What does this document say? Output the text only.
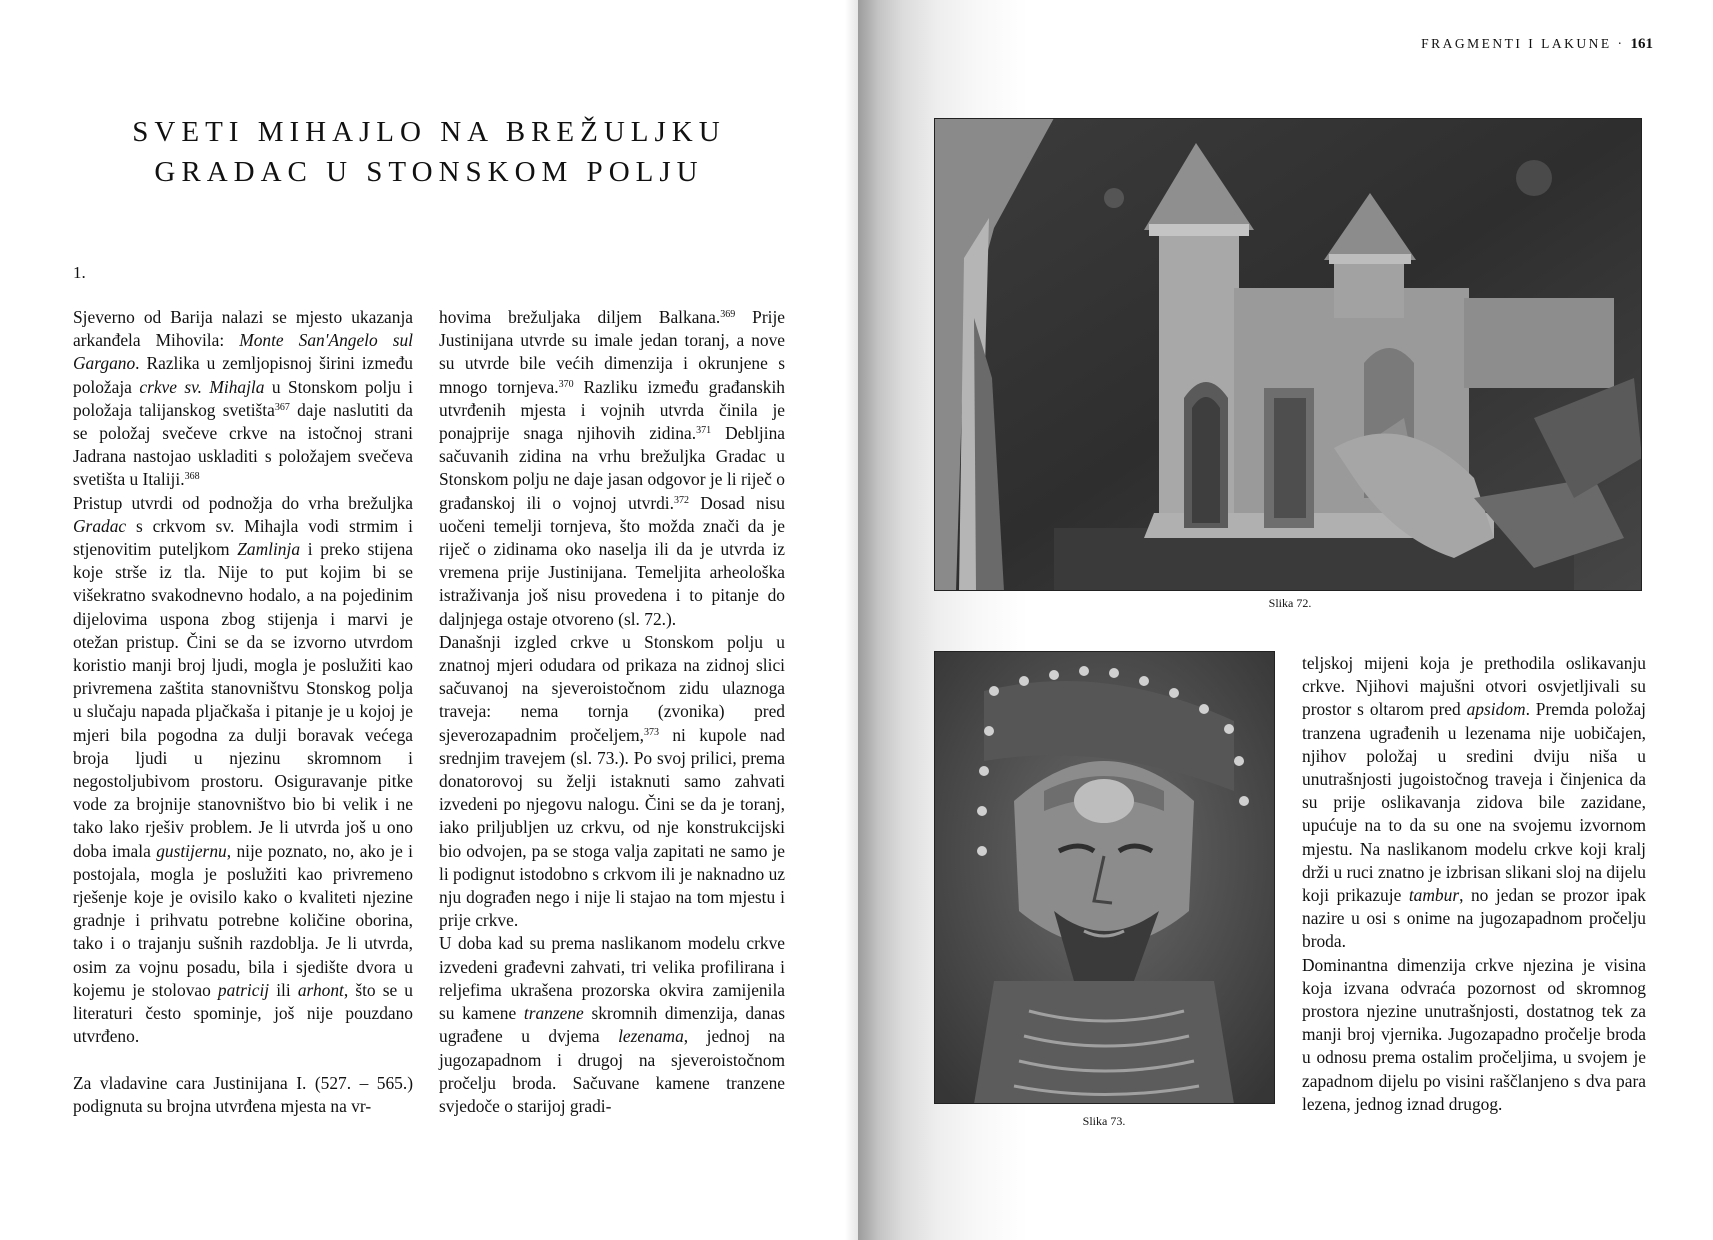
SVETI MIHAJLO NA BREŽULJKU
GRADAC U STONSKOM POLJU

1.

Sjeverno od Barija nalazi se mjesto ukazanja arkanđela Mihovila: Monte San'Angelo sul Gargano. Razlika u zemljopisnoj širini između položaja crkve sv. Mihajla u Stonskom polju i položaja talijanskog svetišta$^{367}$ daje naslutiti da se položaj svečeve crkve na istočnoj strani Jadrana nastojao uskladiti s položajem svečeva svetišta u Italiji.$^{368}$

Pristup utvrdi od podnožja do vrha brežuljka Gradac s crkvom sv. Mihajla vodi strmim i stjenovitim puteljkom Zamlinja i preko stijena koje strše iz tla. Nije to put kojim bi se višekratno svakodnevno hodalo, a na pojedinim dijelovima uspona zbog stijenja i marvi je otežan pristup. Čini se da se izvorno utvrdom koristio manji broj ljudi, mogla je poslužiti kao privremena zaštita stanovništvu Stonskog polja u slučaju napada pljačkaša i pitanje je u kojoj je mjeri bila pogodna za dulji boravak većega broja ljudi u njezinu skromnom i negostoljubivom prostoru. Osiguravanje pitke vode za brojnije stanovništvo bio bi velik i ne tako lako rješiv problem. Je li utvrda još u ono doba imala gustijernu, nije poznato, no, ako je i postojala, mogla je poslužiti kao privremeno rješenje koje je ovisilo kako o kvaliteti njezine gradnje i prihvatu potrebne količine oborina, tako i o trajanju sušnih razdoblja. Je li utvrda, osim za vojnu posadu, bila i sjedište dvora u kojemu je stolovao patricij ili arhont, što se u literaturi često spominje, još nije pouzdano utvrđeno.

Za vladavine cara Justinijana I. (527. – 565.) podignuta su brojna utvrđena mjesta na vr-

hovima brežuljaka diljem Balkana.$^{369}$ Prije Justinijana utvrde su imale jedan toranj, a nove su utvrde bile većih dimenzija i okrunjene s mnogo tornjeva.$^{370}$ Razliku između građanskih utvrđenih mjesta i vojnih utvrda činila je ponajprije snaga njihovih zidina.$^{371}$ Debljina sačuvanih zidina na vrhu brežuljka Gradac u Stonskom polju ne daje jasan odgovor je li riječ o građanskoj ili o vojnoj utvrdi.$^{372}$ Dosad nisu uočeni temelji tornjeva, što možda znači da je riječ o zidinama oko naselja ili da je utvrda iz vremena prije Justinijana. Temeljita arheološka istraživanja još nisu provedena i to pitanje do daljnjega ostaje otvoreno (sl. 72.).

Današnji izgled crkve u Stonskom polju u znatnoj mjeri odudara od prikaza na zidnoj slici sačuvanoj na sjeveroistočnom zidu ulaznoga traveja: nema tornja (zvonika) pred sjeverozapadnim pročeljem,$^{373}$ ni kupole nad srednjim travejem (sl. 73.). Po svoj prilici, prema donatorovoj su želji istaknuti samo zahvati izvedeni po njegovu nalogu. Čini se da je toranj, iako priljubljen uz crkvu, od nje konstrukcijski bio odvojen, pa se stoga valja zapitati ne samo je li podignut istodobno s crkvom ili je naknadno uz nju dograđen nego i nije li stajao na tom mjestu i prije crkve.

U doba kad su prema naslikanom modelu crkve izvedeni građevni zahvati, tri velika profilirana i reljefima ukrašena prozorska okvira zamijenila su kamene tranzene skromnih dimenzija, danas ugrađene u dvjema lezenama, jednoj na jugozapadnom i drugoj na sjeveroistočnom pročelju broda. Sačuvane kamene tranzene svjedoče o starijoj gradi-

FRAGMENTI I LAKUNE · 161
Slika 72.
Slika 73.

teljskoj mijeni koja je prethodila oslikavanju crkve. Njihovi majušni otvori osvjetljivali su prostor s oltarom pred apsidom. Premda položaj tranzena ugrađenih u lezenama nije uobičajen, njihov položaj u sredini dviju niša u unutrašnjosti jugoistočnog traveja i činjenica da su prije oslikavanja zidova bile zazidane, upućuje na to da su one na svojemu izvornom mjestu. Na naslikanom modelu crkve koji kralj drži u ruci znatno je izbrisan slikani sloj na dijelu koji prikazuje tambur, no jedan se prozor ipak nazire u osi s onime na jugozapadnom pročelju broda.

Dominantna dimenzija crkve njezina je visina koja izvana odvraća pozornost od skromnog prostora njezine unutrašnjosti, dostatnog tek za manji broj vjernika. Jugozapadno pročelje broda u odnosu prema ostalim pročeljima, u svojem je zapadnom dijelu po visini raščlanjeno s dva para lezena, jednog iznad drugog.
